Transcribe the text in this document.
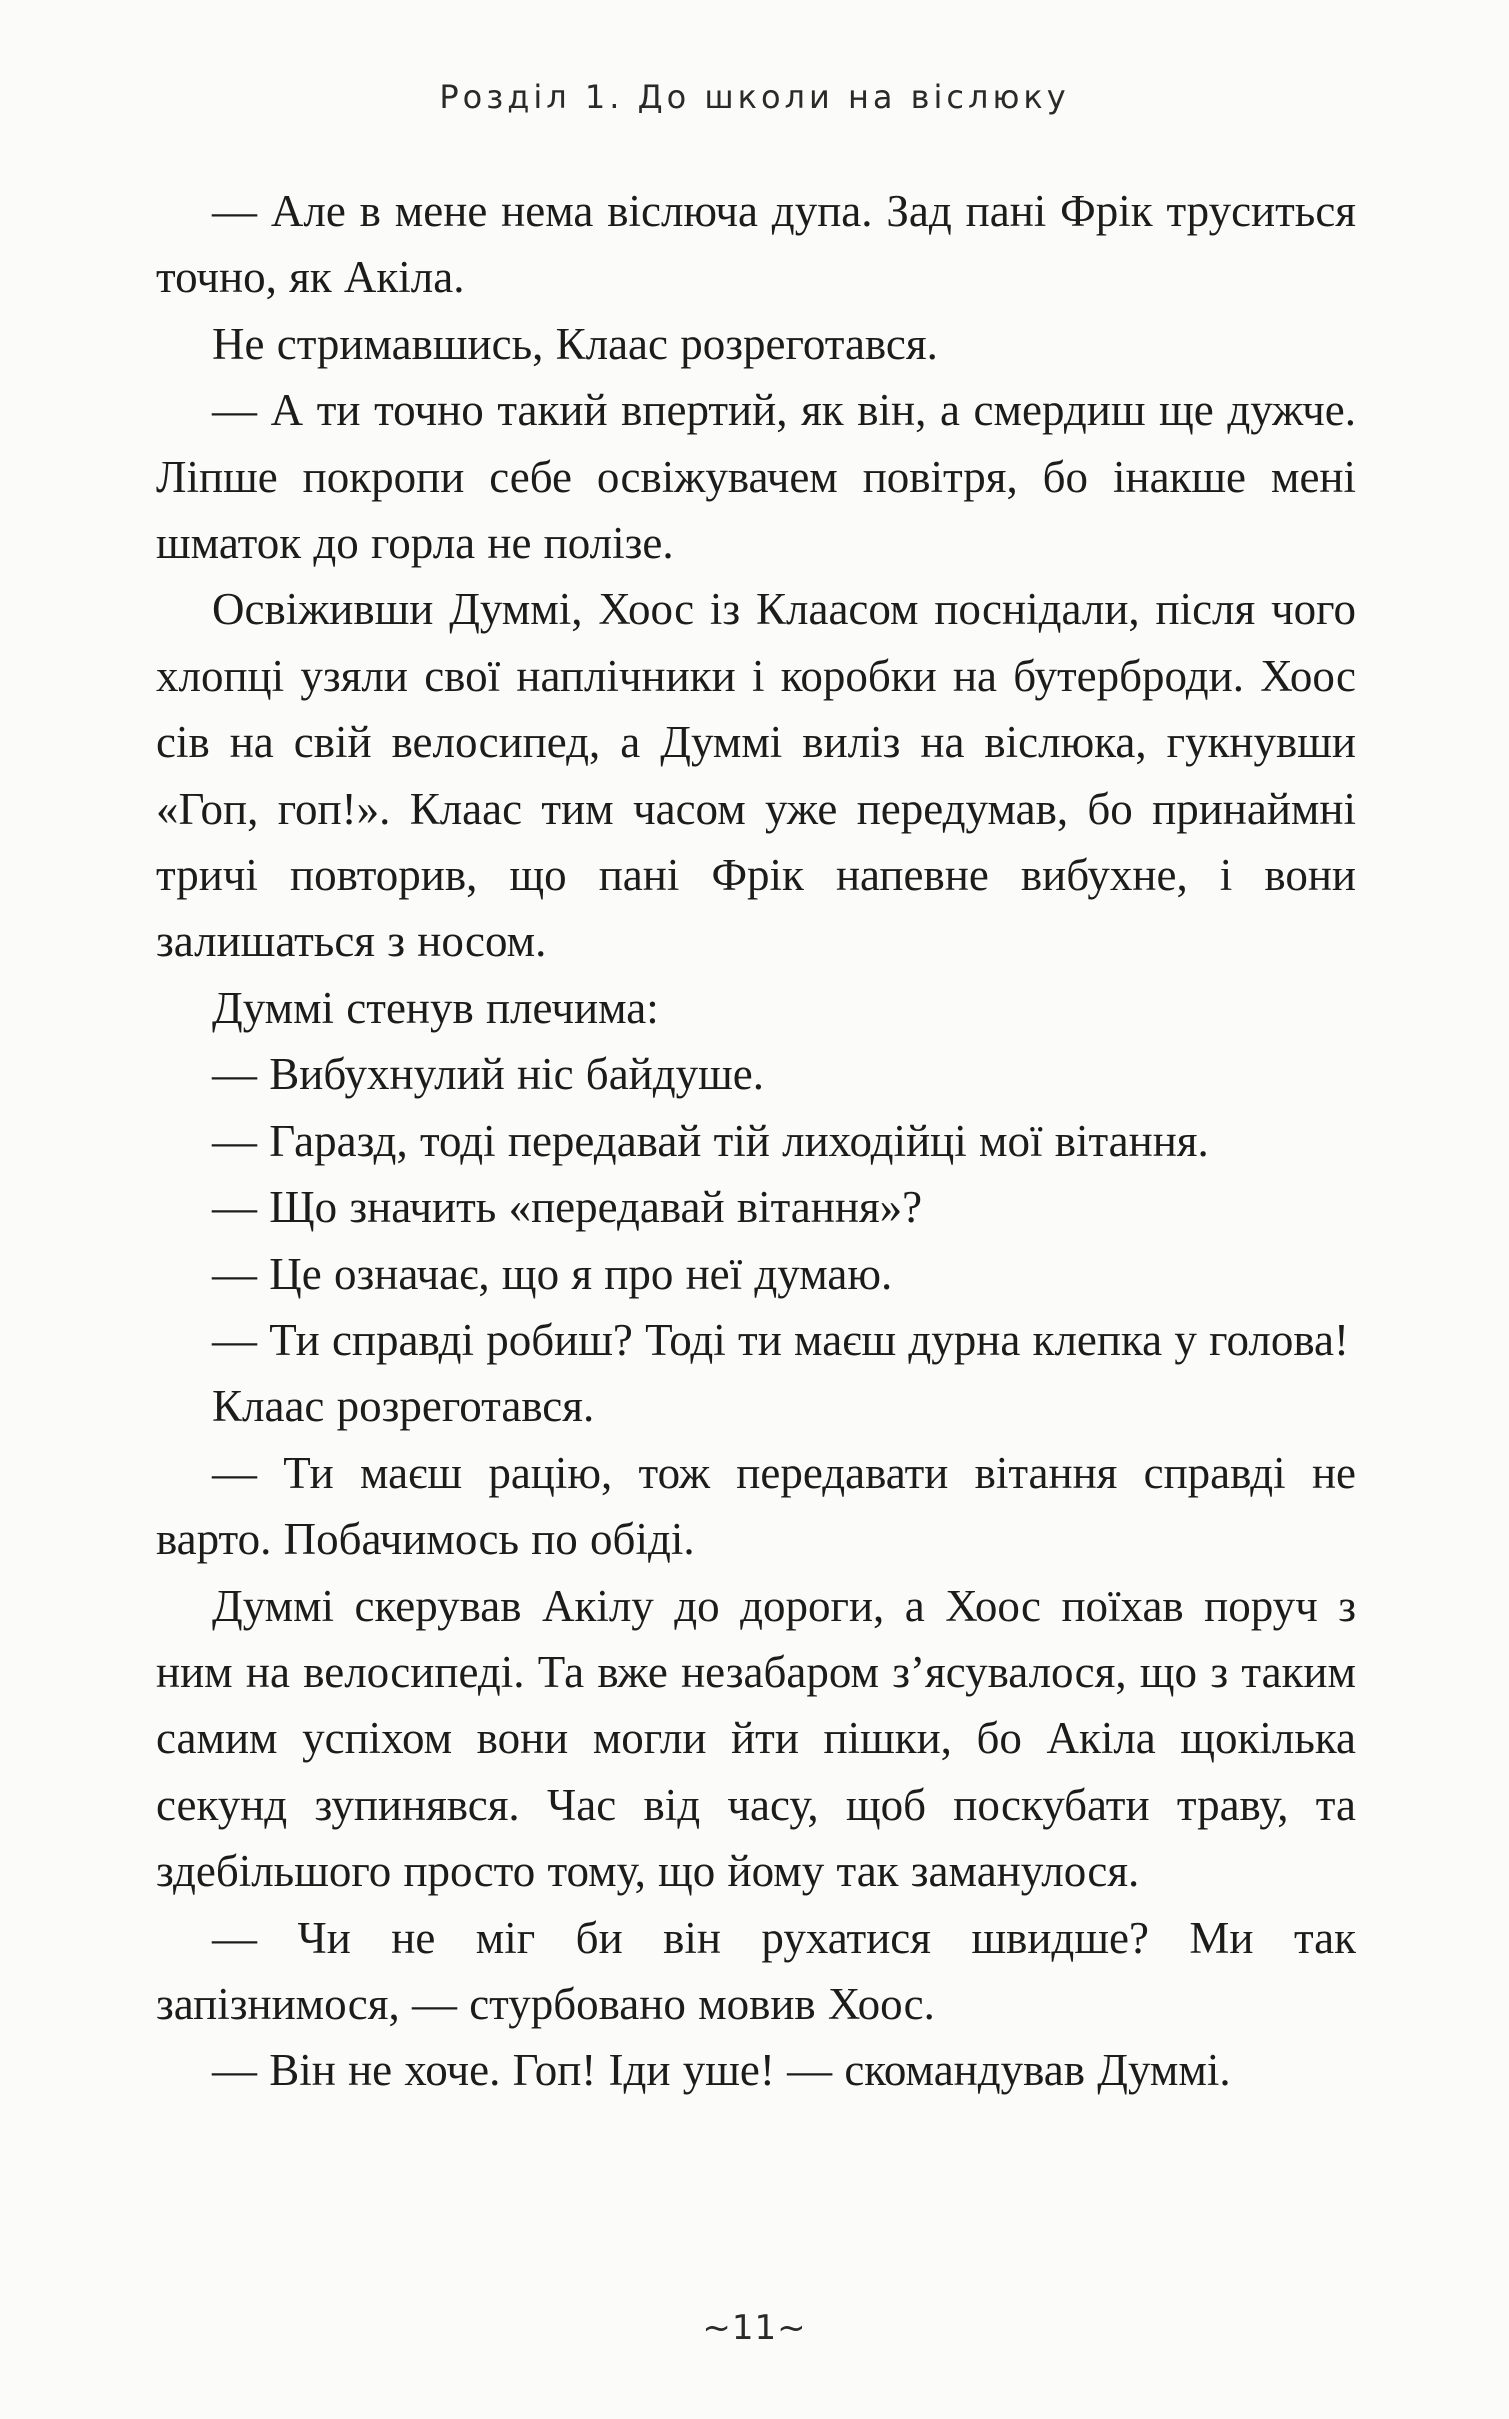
Розділ 1. До школи на віслюку

— Але в мене нема віслюча дупа. Зад пані Фрік труситься точно, як Акіла.

Не стримавшись, Клаас розреготався.

— А ти точно такий впертий, як він, а смердиш ще дужче. Ліпше покропи себе освіжувачем повітря, бо інакше мені шматок до горла не полізе.

Освіживши Думмі, Хоос із Клаасом поснідали, після чого хлопці узяли свої наплічники і коробки на бутерброди. Хоос сів на свій велосипед, а Думмі виліз на віслюка, гукнувши «Гоп, гоп!». Клаас тим часом уже передумав, бо принаймні тричі повторив, що пані Фрік напевне вибухне, і вони залишаться з носом.

Думмі стенув плечима:

— Вибухнулий ніс байдуше.

— Гаразд, тоді передавай тій лиходійці мої вітання.

— Що значить «передавай вітання»?

— Це означає, що я про неї думаю.

— Ти справді робиш? Тоді ти маєш дурна клепка у голова!

Клаас розреготався.

— Ти маєш рацію, тож передавати вітання справді не варто. Побачимось по обіді.

Думмі скерував Акілу до дороги, а Хоос поїхав поруч з ним на велосипеді. Та вже незабаром з’ясувалося, що з таким самим успіхом вони могли йти пішки, бо Акіла щокілька секунд зупинявся. Час від часу, щоб поскубати траву, та здебільшого просто тому, що йому так заманулося.

— Чи не міг би він рухатися швидше? Ми так запізнимося, — стурбовано мовив Хоос.

— Він не хоче. Гоп! Іди уше! — скомандував Думмі.

~11~
